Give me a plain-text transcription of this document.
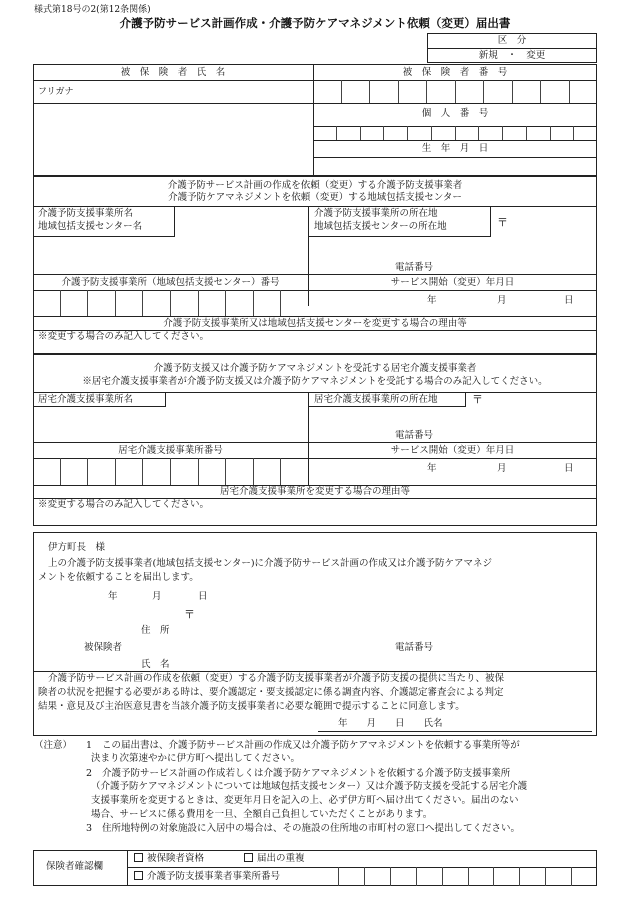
様式第18号の2(第12条関係)
介護予防サービス計画作成・介護予防ケアマネジメント依頼（変更）届出書
区　分
新規　・　変更
被　保　険　者　氏　名	被　保　険　者　番　号
フリガナ
個　人　番　号
生　年　月　日
介護予防サービス計画の作成を依頼（変更）する介護予防支援事業者
介護予防ケアマネジメントを依頼（変更）する地域包括支援センター
介護予防支援事業所名
地域包括支援センター名
介護予防支援事業所の所在地
地域包括支援センターの所在地	〒
電話番号
介護予防支援事業所（地域包括支援センター）番号	サービス開始（変更）年月日
年	月	日
介護予防支援事業所又は地域包括支援センターを変更する場合の理由等
※変更する場合のみ記入してください。
介護予防支援又は介護予防ケアマネジメントを受託する居宅介護支援事業者
※居宅介護支援事業者が介護予防支援又は介護予防ケアマネジメントを受託する場合のみ記入してください。
居宅介護支援事業所名	居宅介護支援事業所の所在地	〒
電話番号
居宅介護支援事業所番号	サービス開始（変更）年月日
年	月	日
居宅介護支援事業所を変更する場合の理由等
※変更する場合のみ記入してください。
伊方町長　様
上の介護予防支援事業者(地域包括支援センター)に介護予防サービス計画の作成又は介護予防ケアマネジ
メントを依頼することを届出します。
年	月	日
〒
住　所
被保険者	電話番号
氏　名
介護予防サービス計画の作成を依頼（変更）する介護予防支援事業者が介護予防支援の提供に当たり、被保
険者の状況を把握する必要がある時は、要介護認定・要支援認定に係る調査内容、介護認定審査会による判定
結果・意見及び主治医意見書を当該介護予防支援事業者に必要な範囲で提示することに同意します。
年　　月　　日　　氏名
（注意） 1 この届出書は、介護予防サービス計画の作成又は介護予防ケアマネジメントを依頼する事業所等が
決まり次第速やかに伊方町へ提出してください。
2 介護予防サービス計画の作成若しくは介護予防ケアマネジメントを依頼する介護予防支援事業所
（介護予防ケアマネジメントについては地域包括支援センター）又は介護予防支援を受託する居宅介護
支援事業所を変更するときは、変更年月日を記入の上、必ず伊方町へ届け出てください。届出のない
場合、サービスに係る費用を一旦、全額自己負担していただくことがあります。
3 住所地特例の対象施設に入居中の場合は、その施設の住所地の市町村の窓口へ提出してください。
保険者確認欄
被保険者資格	届出の重複
介護予防支援事業者事業所番号
